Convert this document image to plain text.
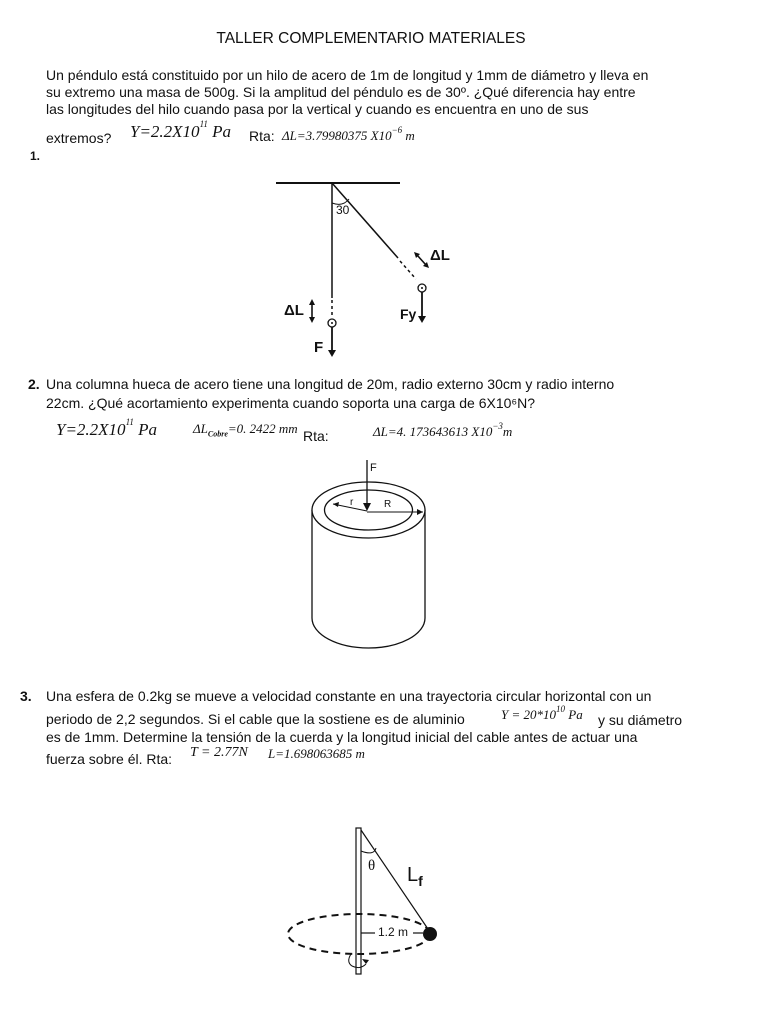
TALLER COMPLEMENTARIO MATERIALES
Un péndulo está constituido por un hilo de acero de 1m de longitud y 1mm de diámetro y lleva en
su extremo una masa de 500g. Si la amplitud del péndulo es de 30º. ¿Qué diferencia hay entre
las longitudes del hilo cuando pasa por la vertical y cuando es encuentra en uno de sus
extremos? $Y=2.2X10^{11}$ Pa Rta: ΔL=3.79980375 $X10^{-6}$ m
1.
30
ΔL
ΔL
F
Fy
2. Una columna hueca de acero tiene una longitud de 20m, radio externo 30cm y radio interno
22cm. ¿Qué acortamiento experimenta cuando soporta una carga de 6X10⁶N?
$Y=2.2X10^{11}$ Pa	$\Delta L_{Cobre}=0$. 2422 mm Rta:	ΔL=4. 173643613 $X10^{-3}m$
F
r	R
3. Una esfera de 0.2kg se mueve a velocidad constante en una trayectoria circular horizontal con un
periodo de 2,2 segundos. Si el cable que la sostiene es de aluminio	$Y = 20*10^{10}$ Pa y su diámetro
es de 1mm. Determine la tensión de la cuerda y la longitud inicial del cable antes de actuar una
fuerza sobre él. Rta: T = 2.77N L=1.698063685 m
θ $L_f$
1.2 m
